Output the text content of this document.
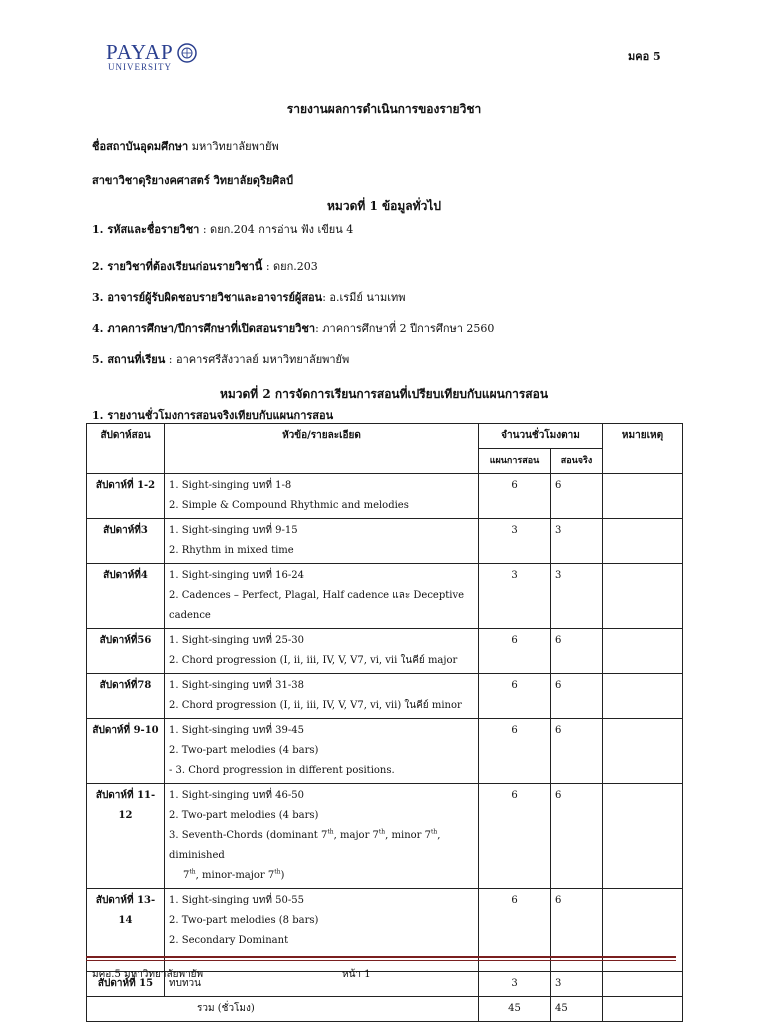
PAYAP
UNIVERSITY
มคอ 5
รายงานผลการดำเนินการของรายวิชา
ชื่อสถาบันอุดมศึกษา มหาวิทยาลัยพายัพ
สาขาวิชาดุริยางคศาสตร์ วิทยาลัยดุริยศิลป์
หมวดที่ 1 ข้อมูลทั่วไป
1. รหัสและชื่อรายวิชา : ดยก.204 การอ่าน ฟัง เขียน 4
2. รายวิชาที่ต้องเรียนก่อนรายวิชานี้ : ดยก.203
3. อาจารย์ผู้รับผิดชอบรายวิชาและอาจารย์ผู้สอน: อ.เรมีย์ นามเทพ
4. ภาคการศึกษา/ปีการศึกษาที่เปิดสอนรายวิชา: ภาคการศึกษาที่ 2 ปีการศึกษา 2560
5. สถานที่เรียน : อาคารศรีสังวาลย์ มหาวิทยาลัยพายัพ
หมวดที่ 2 การจัดการเรียนการสอนที่เปรียบเทียบกับแผนการสอน
1. รายงานชั่วโมงการสอนจริงเทียบกับแผนการสอน
สัปดาห์สอน	หัวข้อ/รายละเอียด	จำนวนชั่วโมงตาม		หมายเหตุ
		แผนการสอน	สอนจริง	
สัปดาห์ที่ 1-2	1. Sight-singing บทที่ 1-8
2. Simple & Compound Rhythmic and melodies	6	6	
สัปดาห์ที่3	1. Sight-singing บทที่ 9-15
2. Rhythm in mixed time	3	3	
สัปดาห์ที่4	1. Sight-singing บทที่ 16-24
2. Cadences – Perfect, Plagal, Half cadence และ Deceptive
cadence	3	3	
สัปดาห์ที่56	1. Sight-singing บทที่ 25-30
2. Chord progression (I, ii, iii, IV, V, V7, vi, vii ในคีย์ major	6	6	
สัปดาห์ที่78	1. Sight-singing บทที่ 31-38
2. Chord progression (I, ii, iii, IV, V, V7, vi, vii) ในคีย์ minor	6	6	
สัปดาห์ที่ 9-10	1. Sight-singing บทที่ 39-45
2. Two-part melodies (4 bars)
- 3. Chord progression in different positions.	6	6	
สัปดาห์ที่ 11-12	1. Sight-singing บทที่ 46-50
2. Two-part melodies (4 bars)
3. Seventh-Chords (dominant 7th, major 7th, minor 7th, diminished
7th, minor-major 7th)	6	6	
สัปดาห์ที่ 13-14	1. Sight-singing บทที่ 50-55
2. Two-part melodies (8 bars)
2. Secondary Dominant	6	6	
สัปดาห์ที่ 15	ทบทวน	3	3	
รวม (ชั่วโมง)		45	45	
มคอ.5 มหาวิทยาลัยพายัพ	หน้า 1
